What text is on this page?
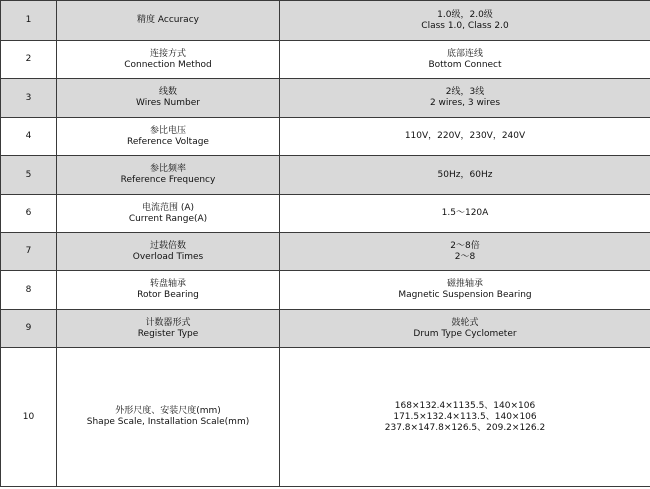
1	精度 Accuracy	1.0级，2.0级
Class 1.0, Class 2.0

2	连接方式
Connection Method	底部连线
Bottom Connect

3	线数
Wires Number	2线，3线
2 wires, 3 wires

4	参比电压
Reference Voltage	110V，220V，230V，240V

5	参比频率
Reference Frequency	50Hz，60Hz

6	电流范围 (A)
Current Range(A)	1.5～120A

7	过载倍数
Overload Times	2～8倍
2～8

8	转盘轴承
Rotor Bearing	磁推轴承
Magnetic Suspension Bearing

9	计数器形式
Register Type	鼓轮式
Drum Type Cyclometer

10	外形尺度、安装尺度(mm)
Shape Scale, Installation Scale(mm)	168×132.4×1135.5、140×106
171.5×132.4×113.5、140×106
237.8×147.8×126.5、209.2×126.2
